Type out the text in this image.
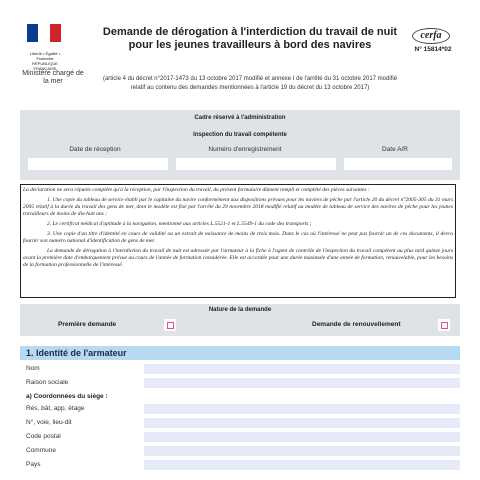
Liberté • Égalité • Fraternité RÉPUBLIQUE FRANÇAISE
Ministère chargé de la mer
Demande de dérogation à l'interdiction du travail de nuit pour les jeunes travailleurs à bord des navires
cerfa
N° 15814*02
(article 4 du décret n°2017-1473 du 13 octobre 2017 modifié et annexe I de l'arrêté du 31 octobre 2017 modifié relatif au contenu des demandes mentionnées à l'article 19 du décret du 13 octobre 2017)
Cadre réservé à l'administration
Inspection du travail compétente
Date de réception	Numéro d'enregistrement	Date A/R

La déclaration ne sera réputée complète qu'à la réception, par l'inspection du travail, du présent formulaire dûment rempli et complété des pièces suivantes :

1. Une copie du tableau de service établi par le capitaine du navire conformément aux dispositions prévues pour les navires de pêche par l'article 20 du décret n°2005-305 du 31 mars 2005 relatif à la durée du travail des gens de mer, dont le modèle est fixé par l'arrêté du 29 novembre 2018 modifié relatif au modèle de tableau de service des navires de pêche pour les jeunes travailleurs de moins de dix-huit ans ;

2. Le certificat médical d'aptitude à la navigation, mentionné aux articles L.5521-1 et L.5549-1 du code des transports ;

3. Une copie d'un titre d'identité en cours de validité ou un extrait de naissance de moins de trois mois. Dans le cas où l'intéressé ne peut pas fournir un de ces documents, il devra fournir son numéro national d'identification de gens de mer.

La demande de dérogation à l'interdiction du travail de nuit est adressée par l'armateur à la fiche à l'agent de contrôle de l'inspection du travail compétent au plus tard quinze jours avant la première date d'embarquement prévue au cours de l'année de formation considérée. Elle est accordée pour une durée maximale d'une année de formation, renouvelable, pour les besoins de la formation professionnelle de l'intéressé.

Nature de la demande
Première demande	Demande de renouvellement
1. Identité de l'armateur
Nom
Raison sociale
a) Coordonnées du siège :
Rés, bât, app, étage
N°, voie, lieu-dit
Code postal
Commune
Pays
